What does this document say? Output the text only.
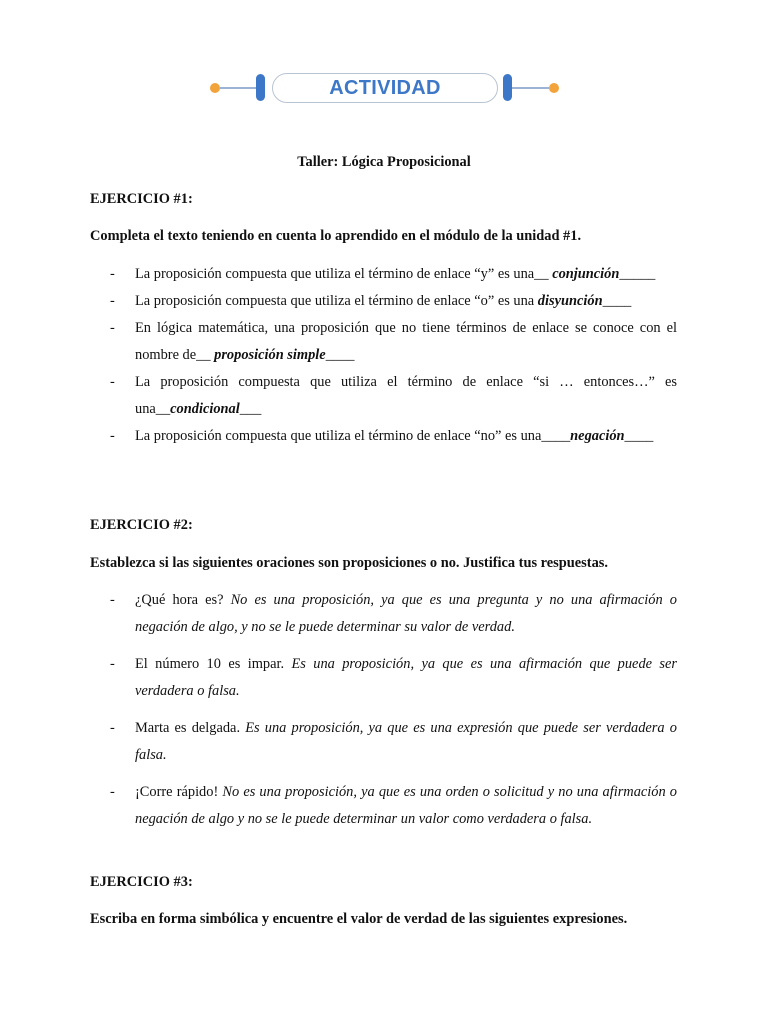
ACTIVIDAD
Taller: Lógica Proposicional
EJERCICIO #1:
Completa el texto teniendo en cuenta lo aprendido en el módulo de la unidad #1.
- La proposición compuesta que utiliza el término de enlace “y” es una__ conjunción_____
- La proposición compuesta que utiliza el término de enlace “o” es una disyunción____
- En lógica matemática, una proposición que no tiene términos de enlace se conoce con el nombre de__ proposición simple____
- La proposición compuesta que utiliza el término de enlace “si … entonces…” es una__condicional___
- La proposición compuesta que utiliza el término de enlace “no” es una____negación____
EJERCICIO #2:
Establezca si las siguientes oraciones son proposiciones o no. Justifica tus respuestas.
- ¿Qué hora es? No es una proposición, ya que es una pregunta y no una afirmación o negación de algo, y no se le puede determinar su valor de verdad.
- El número 10 es impar. Es una proposición, ya que es una afirmación que puede ser verdadera o falsa.
- Marta es delgada. Es una proposición, ya que es una expresión que puede ser verdadera o falsa.
- ¡Corre rápido! No es una proposición, ya que es una orden o solicitud y no una afirmación o negación de algo y no se le puede determinar un valor como verdadera o falsa.
EJERCICIO #3:
Escriba en forma simbólica y encuentre el valor de verdad de las siguientes expresiones.
